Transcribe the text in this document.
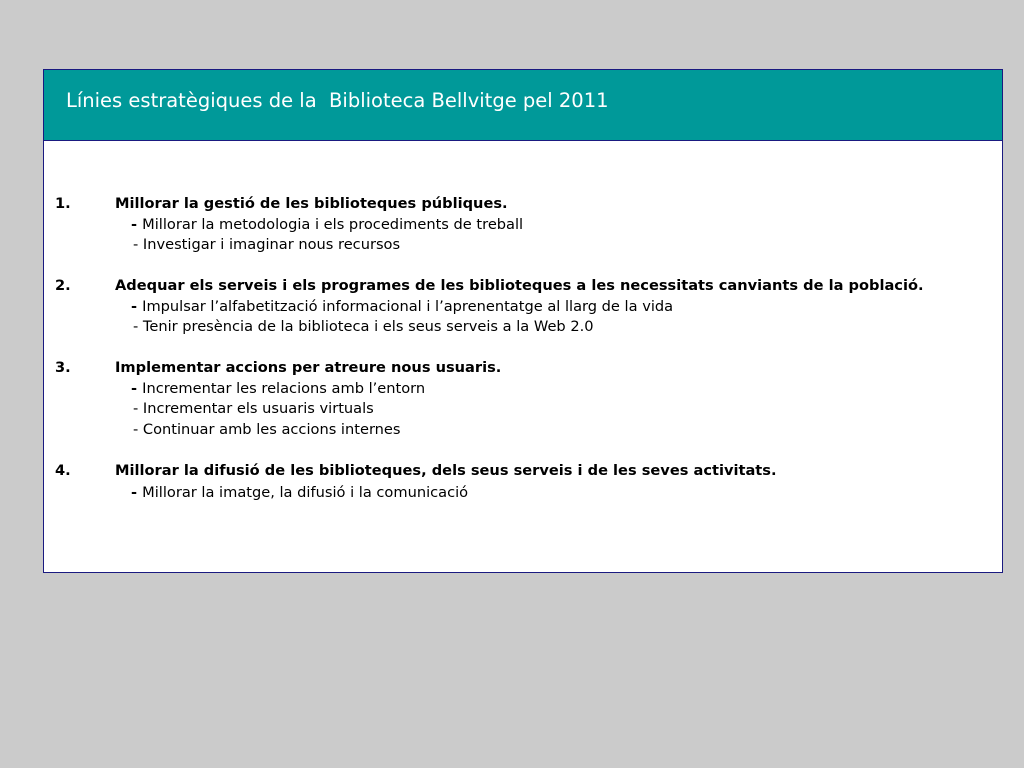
Línies estratègiques de la  Biblioteca Bellvitge pel 2011
1.	Millorar la gestió de les biblioteques públiques.
- Millorar la metodologia i els procediments de treball
- Investigar i imaginar nous recursos
2.	Adequar els serveis i els programes de les biblioteques a les necessitats canviants de la població.
- Impulsar l’alfabetització informacional i l’aprenentatge al llarg de la vida
- Tenir presència de la biblioteca i els seus serveis a la Web 2.0
3.	Implementar accions per atreure nous usuaris.
- Incrementar les relacions amb l’entorn
- Incrementar els usuaris virtuals
- Continuar amb les accions internes
4.	Millorar la difusió de les biblioteques, dels seus serveis i de les seves activitats.
- Millorar la imatge, la difusió i la comunicació
